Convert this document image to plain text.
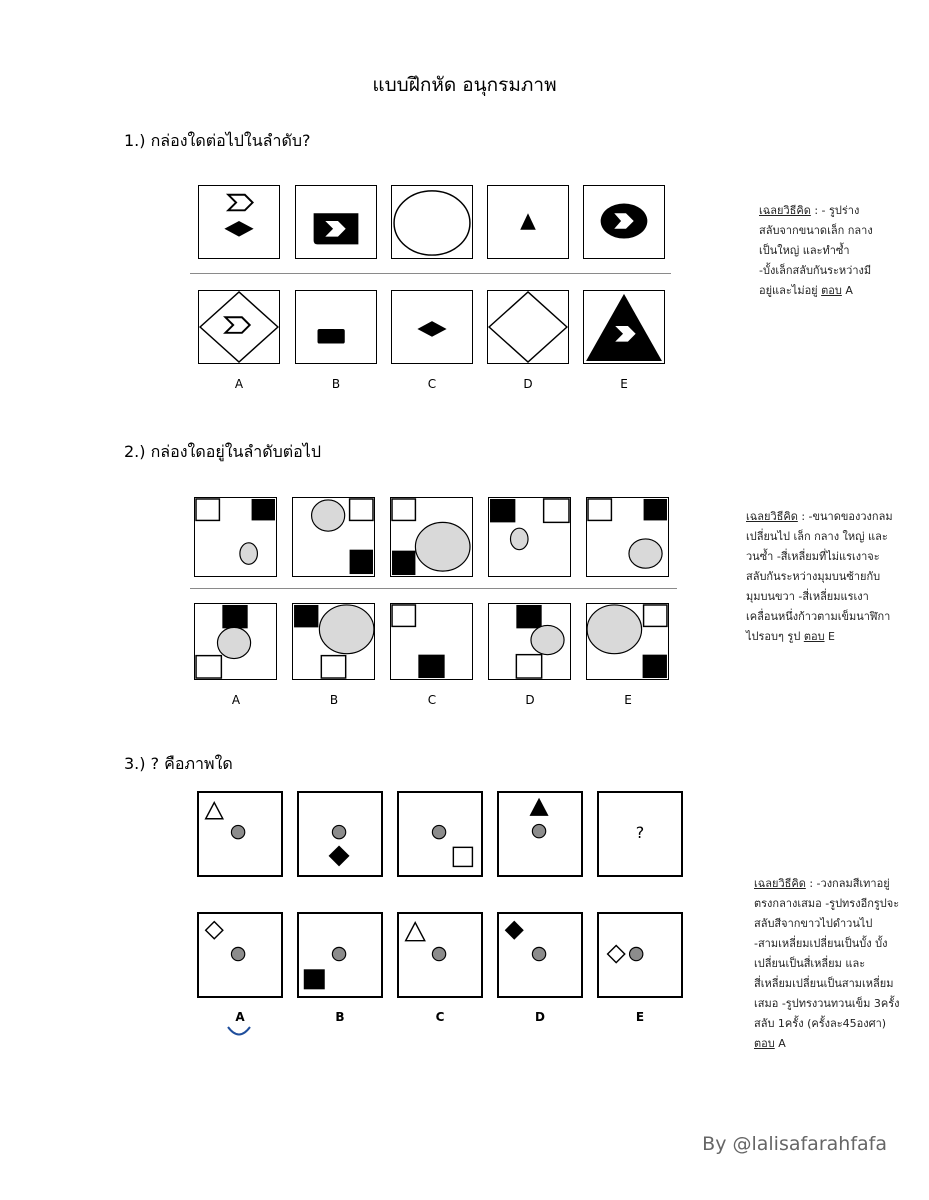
แบบฝึกหัด อนุกรมภาพ
1.) กล่องใดต่อไปในลำดับ?
A	B	C	D	E
เฉลยวิธีคิด : - รูปร่าง
สลับจากขนาดเล็ก กลาง
เป็นใหญ่ และทำซ้ำ
-บั้งเล็กสลับกันระหว่างมี
อยู่และไม่อยู่ ตอบ A
2.) กล่องใดอยู่ในลำดับต่อไป
A	B	C	D	E
เฉลยวิธีคิด : -ขนาดของวงกลม
เปลี่ยนไป เล็ก กลาง ใหญ่ และ
วนซ้ำ -สี่เหลี่ยมที่ไม่แรเงาจะ
สลับกันระหว่างมุมบนซ้ายกับ
มุมบนขวา -สี่เหลี่ยมแรเงา
เคลื่อนหนึ่งก้าวตามเข็มนาฬิกา
ไปรอบๆ รูป ตอบ E
3.) ? คือภาพใด
?
A	B	C	D	E
เฉลยวิธีคิด : -วงกลมสีเทาอยู่
ตรงกลางเสมอ -รูปทรงอีกรูปจะ
สลับสีจากขาวไปดำวนไป
-สามเหลี่ยมเปลี่ยนเป็นบั้ง บั้ง
เปลี่ยนเป็นสี่เหลี่ยม และ
สี่เหลี่ยมเปลี่ยนเป็นสามเหลี่ยม
เสมอ -รูปทรงวนทวนเข็ม 3ครั้ง
สลับ 1ครั้ง (ครั้งละ45องศา)
ตอบ A
By @lalisafarahfafa
